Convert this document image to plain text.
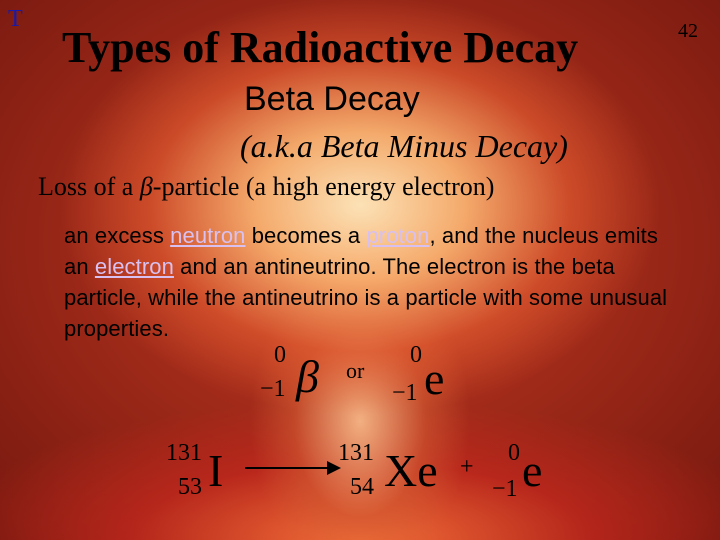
T	42
Types of Radioactive Decay
Beta Decay
(a.k.a Beta Minus Decay)
Loss of a β-particle (a high energy electron)
an excess neutron becomes a proton, and the nucleus emits an electron and an antineutrino. The electron is the beta particle, while the antineutrino is a particle with some unusual properties.
0
−1 β or
0
−1 e
131
53 I	131
54 Xe +
0
−1 e
